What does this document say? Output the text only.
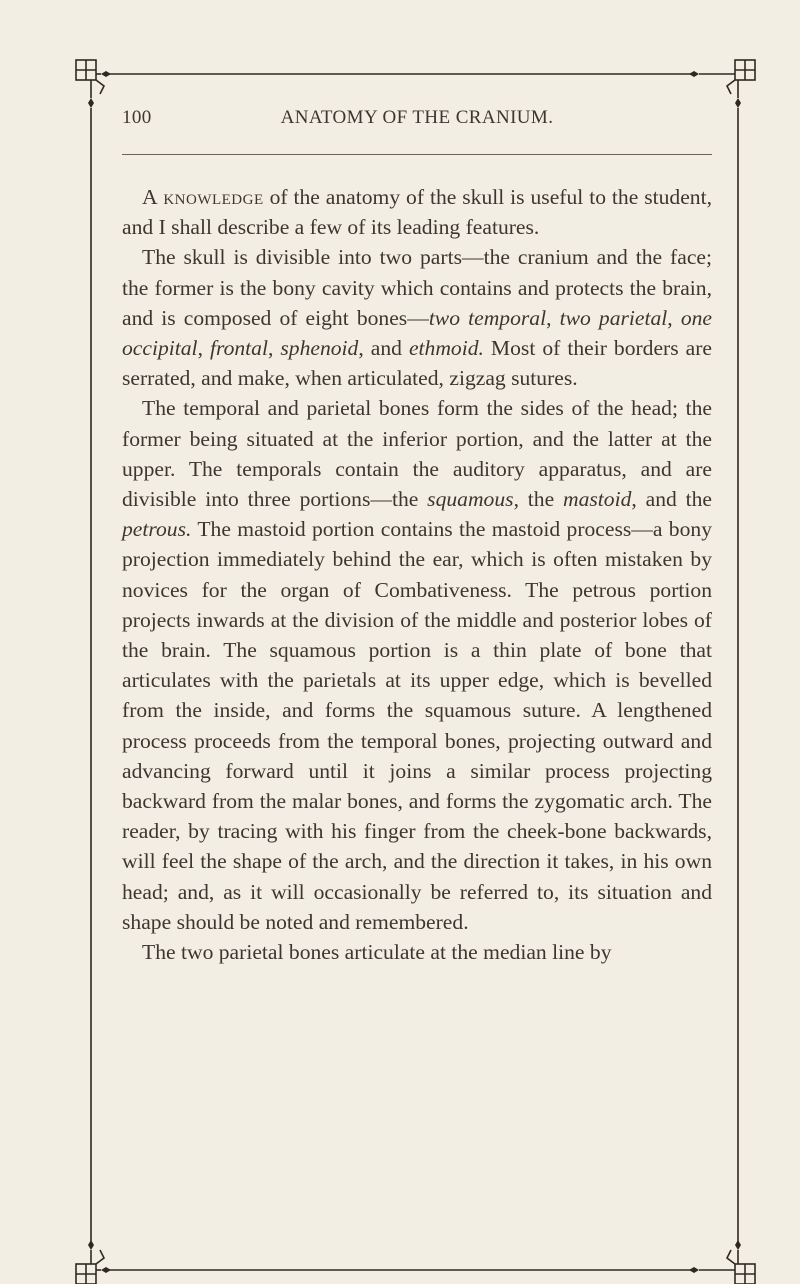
100	ANATOMY OF THE CRANIUM.

A knowledge of the anatomy of the skull is useful to the student, and I shall describe a few of its leading features.

The skull is divisible into two parts—the cranium and the face; the former is the bony cavity which contains and protects the brain, and is composed of eight bones—two temporal, two parietal, one occipital, frontal, sphenoid, and ethmoid. Most of their borders are serrated, and make, when articulated, zigzag sutures.

The temporal and parietal bones form the sides of the head; the former being situated at the inferior portion, and the latter at the upper. The temporals contain the auditory apparatus, and are divisible into three portions—the squamous, the mastoid, and the petrous. The mastoid portion contains the mastoid process—a bony projection immediately behind the ear, which is often mistaken by novices for the organ of Combativeness. The petrous portion projects inwards at the division of the middle and posterior lobes of the brain. The squamous portion is a thin plate of bone that articulates with the parietals at its upper edge, which is bevelled from the inside, and forms the squamous suture. A lengthened process proceeds from the temporal bones, projecting outward and advancing forward until it joins a similar process projecting backward from the malar bones, and forms the zygomatic arch. The reader, by tracing with his finger from the cheek-bone backwards, will feel the shape of the arch, and the direction it takes, in his own head; and, as it will occasionally be referred to, its situation and shape should be noted and remembered.

The two parietal bones articulate at the median line by
